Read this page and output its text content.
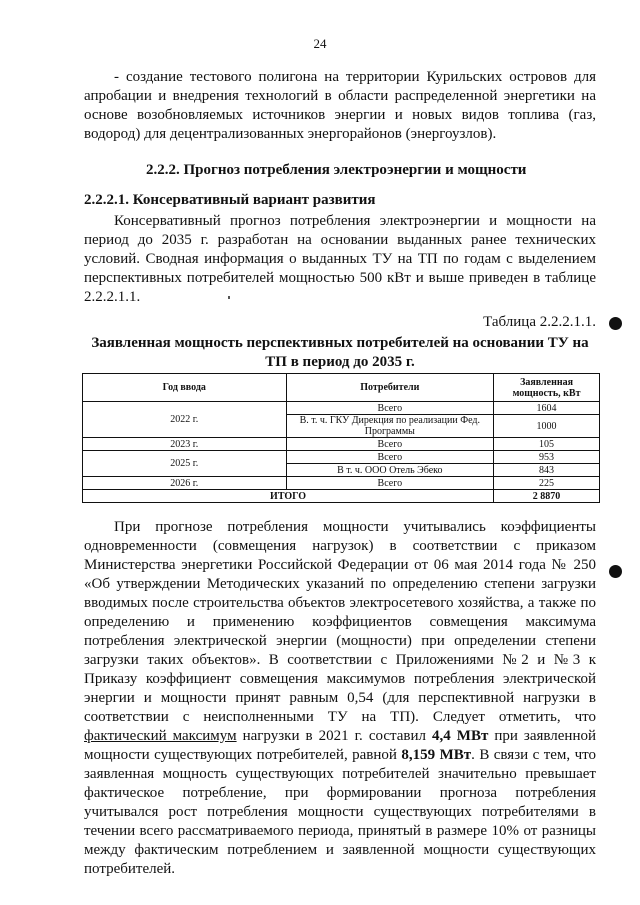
24

- создание тестового полигона на территории Курильских островов для апробации и внедрения технологий в области распределенной энергетики на основе возобновляемых источников энергии и новых видов топлива (газ, водород) для децентрализованных энергорайонов (энергоузлов).

2.2.2. Прогноз потребления электроэнергии и мощности

2.2.2.1. Консервативный вариант развития

Консервативный прогноз потребления электроэнергии и мощности на период до 2035 г. разработан на основании выданных ранее технических условий. Сводная информация о выданных ТУ на ТП по годам с выделением перспективных потребителей мощностью 500 кВт и выше приведен в таблице 2.2.2.1.1.

Таблица 2.2.2.1.1.

Заявленная мощность перспективных потребителей на основании ТУ на ТП в период до 2035 г.

Год ввода	Потребители	Заявленная мощность, кВт
2022 г.	Всего	1604
	В. т. ч. ГКУ Дирекция по реализации Фед. Программы	1000
2023 г.	Всего	105
2025 г.	Всего	953
	В т. ч. ООО Отель Эбеко	843
2026 г.	Всего	225
ИТОГО		2 8870

При прогнозе потребления мощности учитывались коэффициенты одновременности (совмещения нагрузок) в соответствии с приказом Министерства энергетики Российской Федерации от 06 мая 2014 года № 250 «Об утверждении Методических указаний по определению степени загрузки вводимых после строительства объектов электросетевого хозяйства, а также по определению и применению коэффициентов совмещения максимума потребления электрической энергии (мощности) при определении степени загрузки таких объектов». В соответствии с Приложениями №2 и №3 к Приказу коэффициент совмещения максимумов потребления электрической энергии и мощности принят равным 0,54 (для перспективной нагрузки в соответствии с неисполненными ТУ на ТП). Следует отметить, что фактический максимум нагрузки в 2021 г. составил 4,4 МВт при заявленной мощности существующих потребителей, равной 8,159 МВт. В связи с тем, что заявленная мощность существующих потребителей значительно превышает фактическое потребление, при формировании прогноза потребления учитывался рост потребления мощности существующих потребителями в течении всего рассматриваемого периода, принятый в размере 10% от разницы между фактическим потреблением и заявленной мощности существующих потребителей.
